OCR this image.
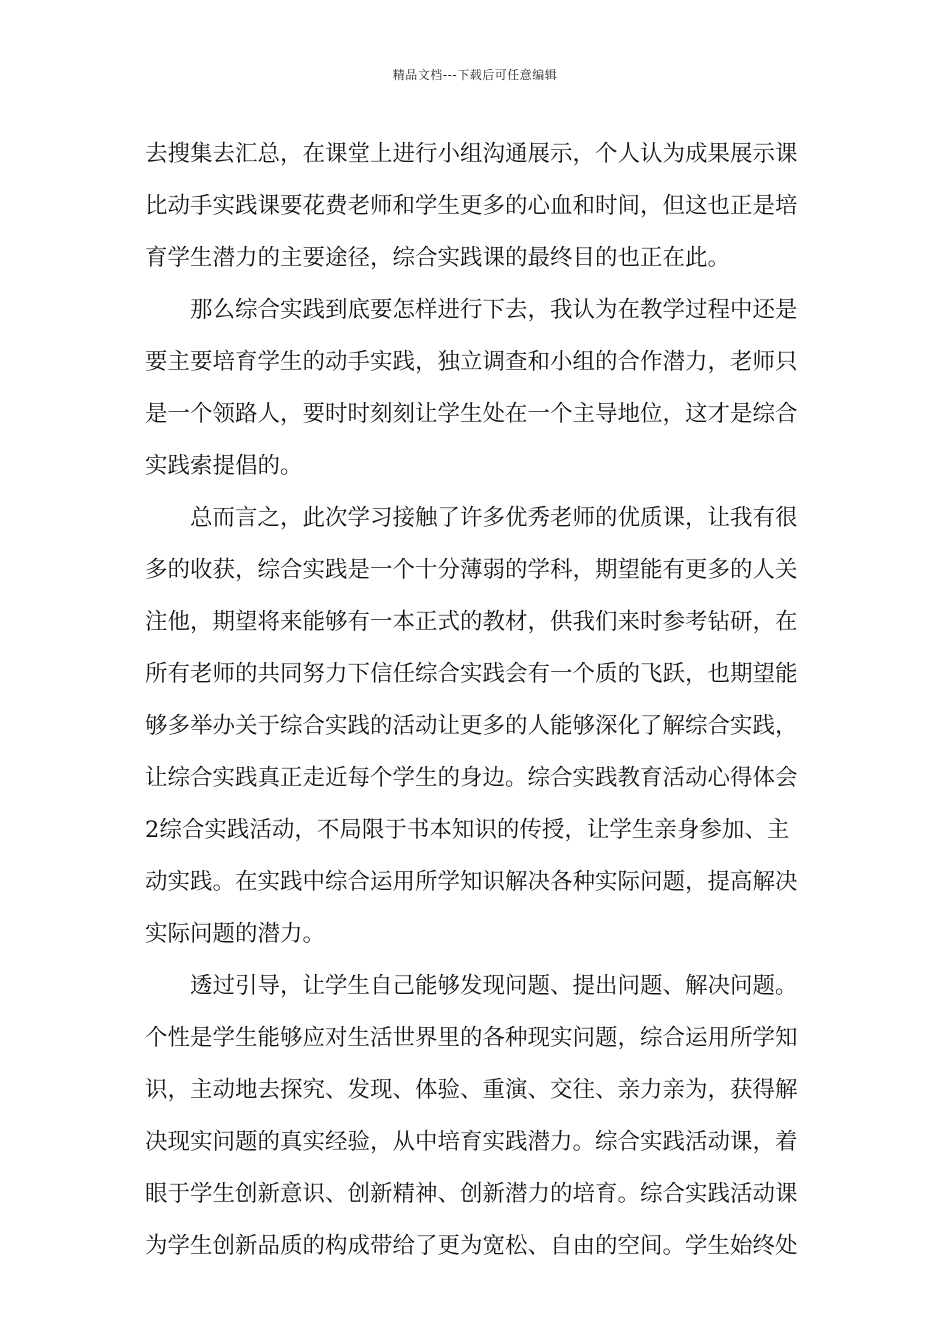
精品文档---下载后可任意编辑
去搜集去汇总，在课堂上进行小组沟通展示，个人认为成果展示课
比动手实践课要花费老师和学生更多的心血和时间，但这也正是培
育学生潜力的主要途径，综合实践课的最终目的也正在此。
那么综合实践到底要怎样进行下去，我认为在教学过程中还是
要主要培育学生的动手实践，独立调查和小组的合作潜力，老师只
是一个领路人，要时时刻刻让学生处在一个主导地位，这才是综合
实践索提倡的。
总而言之，此次学习接触了许多优秀老师的优质课，让我有很
多的收获，综合实践是一个十分薄弱的学科，期望能有更多的人关
注他，期望将来能够有一本正式的教材，供我们来时参考钻研，在
所有老师的共同努力下信任综合实践会有一个质的飞跃，也期望能
够多举办关于综合实践的活动让更多的人能够深化了解综合实践，
让综合实践真正走近每个学生的身边。综合实践教育活动心得体会
2综合实践活动，不局限于书本知识的传授，让学生亲身参加、主
动实践。在实践中综合运用所学知识解决各种实际问题，提高解决
实际问题的潜力。
透过引导，让学生自己能够发现问题、提出问题、解决问题。
个性是学生能够应对生活世界里的各种现实问题，综合运用所学知
识，主动地去探究、发现、体验、重演、交往、亲力亲为，获得解
决现实问题的真实经验，从中培育实践潜力。综合实践活动课，着
眼于学生创新意识、创新精神、创新潜力的培育。综合实践活动课
为学生创新品质的构成带给了更为宽松、自由的空间。学生始终处
